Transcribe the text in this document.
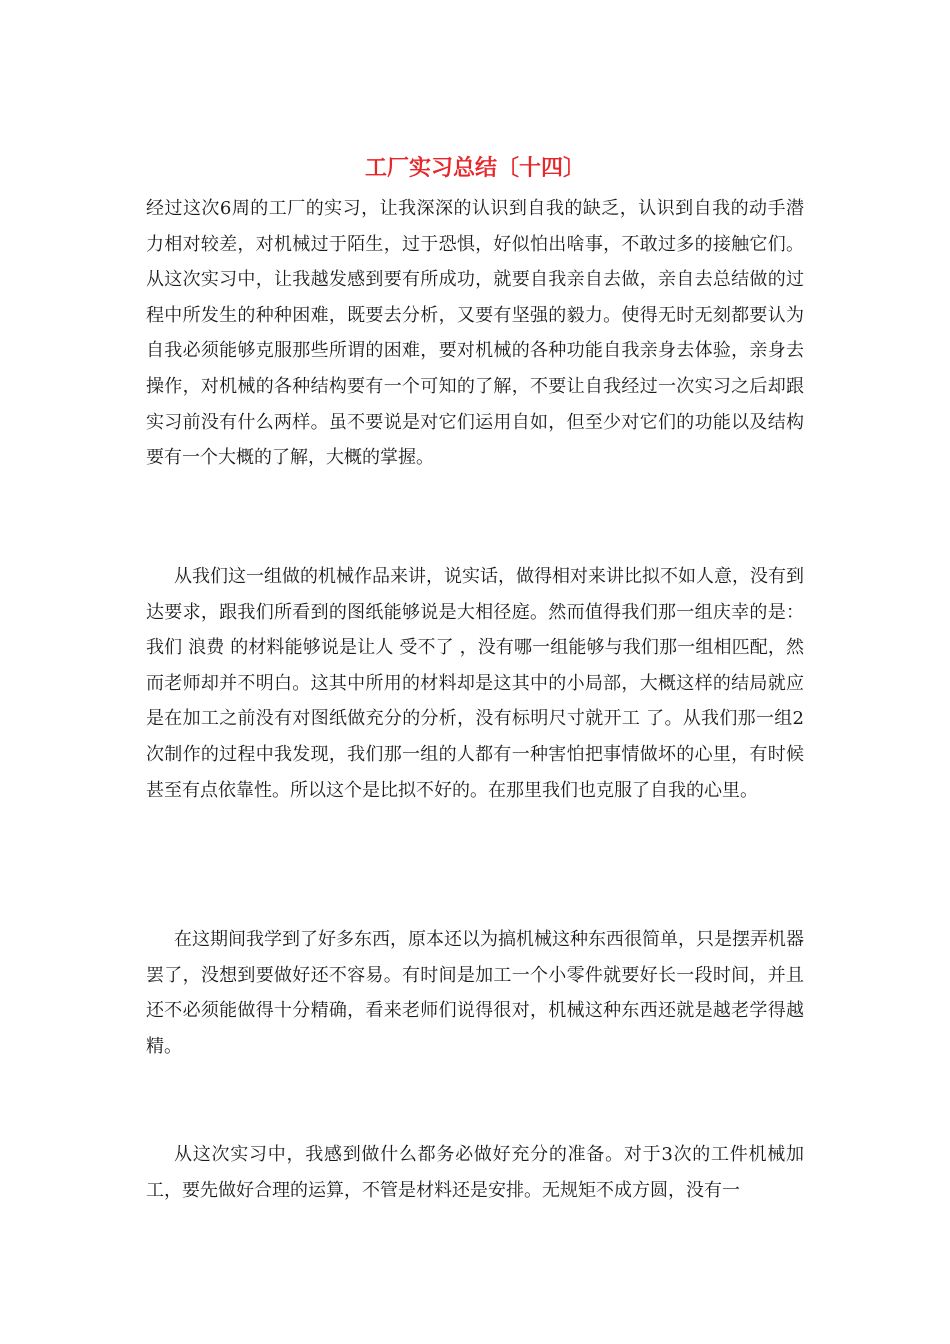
工厂实习总结〔十四〕

经过这次6周的工厂的实习，让我深深的认识到自我的缺乏，认识到自我的动手潜力相对较差，对机械过于陌生，过于恐惧，好似怕出啥事，不敢过多的接触它们。从这次实习中，让我越发感到要有所成功，就要自我亲自去做，亲自去总结做的过程中所发生的种种困难，既要去分析，又要有坚强的毅力。使得无时无刻都要认为自我必须能够克服那些所谓的困难，要对机械的各种功能自我亲身去体验，亲身去操作，对机械的各种结构要有一个可知的了解，不要让自我经过一次实习之后却跟实习前没有什么两样。虽不要说是对它们运用自如，但至少对它们的功能以及结构要有一个大概的了解，大概的掌握。

从我们这一组做的机械作品来讲，说实话，做得相对来讲比拟不如人意，没有到达要求，跟我们所看到的图纸能够说是大相径庭。然而值得我们那一组庆幸的是：我们 浪费 的材料能够说是让人 受不了 ，没有哪一组能够与我们那一组相匹配，然而老师却并不明白。这其中所用的材料却是这其中的小局部，大概这样的结局就应是在加工之前没有对图纸做充分的分析，没有标明尺寸就开工 了。从我们那一组2次制作的过程中我发现，我们那一组的人都有一种害怕把事情做坏的心里，有时候甚至有点依靠性。所以这个是比拟不好的。在那里我们也克服了自我的心里。

在这期间我学到了好多东西，原本还以为搞机械这种东西很简单，只是摆弄机器罢了，没想到要做好还不容易。有时间是加工一个小零件就要好长一段时间，并且还不必须能做得十分精确，看来老师们说得很对，机械这种东西还就是越老学得越精。

从这次实习中，我感到做什么都务必做好充分的准备。对于3次的工件机械加工，要先做好合理的运算，不管是材料还是安排。无规矩不成方圆，没有一
